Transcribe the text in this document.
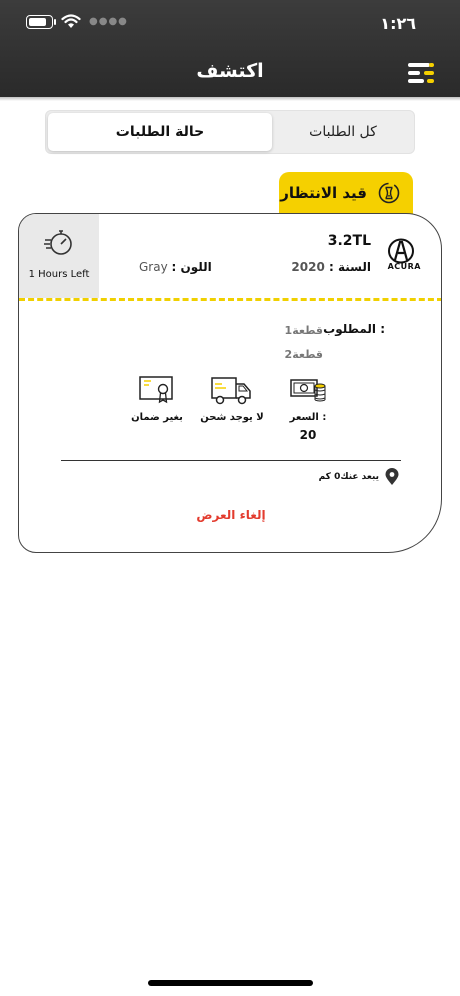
●●●●	١:٢٦
اكتشف
حالة الطلبات	كل الطلبات
قيد الانتظار
1 Hours Left
ACURA
3.2TL
السنة : 2020
اللون : Gray
المطلوب :
قطعة1
قطعة2
السعر :
20
لا يوجد شحن
بغير ضمان
يبعد عنك0 كم
إلغاء العرض
